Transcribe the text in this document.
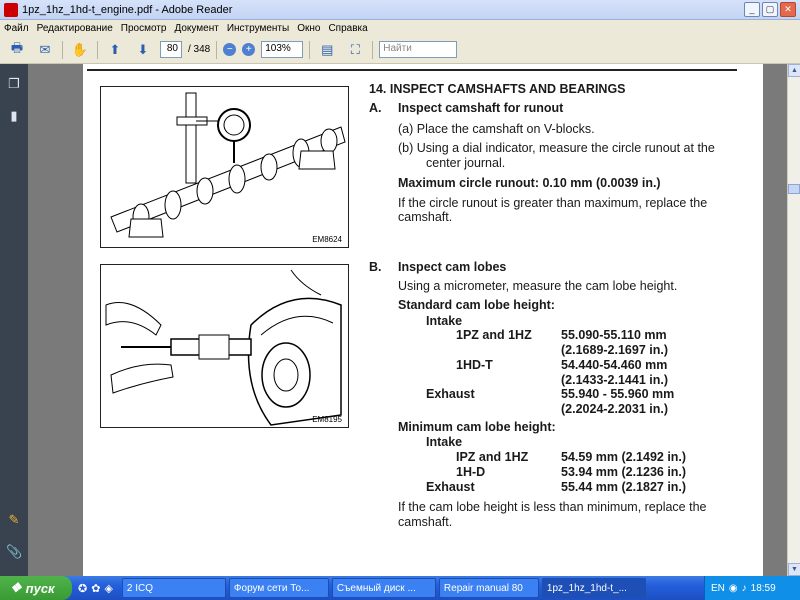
1pz_1hz_1hd-t_engine.pdf - Adobe Reader	_	▢	✕
Файл Редактирование Просмотр Документ Инструменты Окно Справка
🖶	✉	✋	⬆	⬇	80	/ 348	−	+	103%	▤	⛶	Найти
❐
▮
✎
📎
EM8624
EM8195
14. INSPECT CAMSHAFTS AND BEARINGS
A. Inspect camshaft for runout
(a) Place the camshaft on V-blocks.
(b) Using a dial indicator, measure the circle runout at the
center journal.
Maximum circle runout: 0.10 mm (0.0039 in.)
If the circle runout is greater than maximum, replace the
camshaft.
B. Inspect cam lobes
Using a micrometer, measure the cam lobe height.
Standard cam lobe height:
Intake
1PZ and 1HZ 55.090-55.110 mm
(2.1689-2.1697 in.)
1HD-T	54.440-54.460 mm
(2.1433-2.1441 in.)
Exhaust	55.940 - 55.960 mm
(2.2024-2.2031 in.)
Minimum cam lobe height:
Intake
IPZ and 1HZ	54.59 mm (2.1492 in.)
1H-D	53.94 mm (2.1236 in.)
Exhaust	55.44 mm (2.1827 in.)
If the cam lobe height is less than minimum, replace the
camshaft.
▲
▼
❖ пуск ✪ ✿ ◈	2 ICQ	Форум сети То...	Съемный диск ...	Repair manual 80	1pz_1hz_1hd-t_...	EN ◉ ♪ 18:59
